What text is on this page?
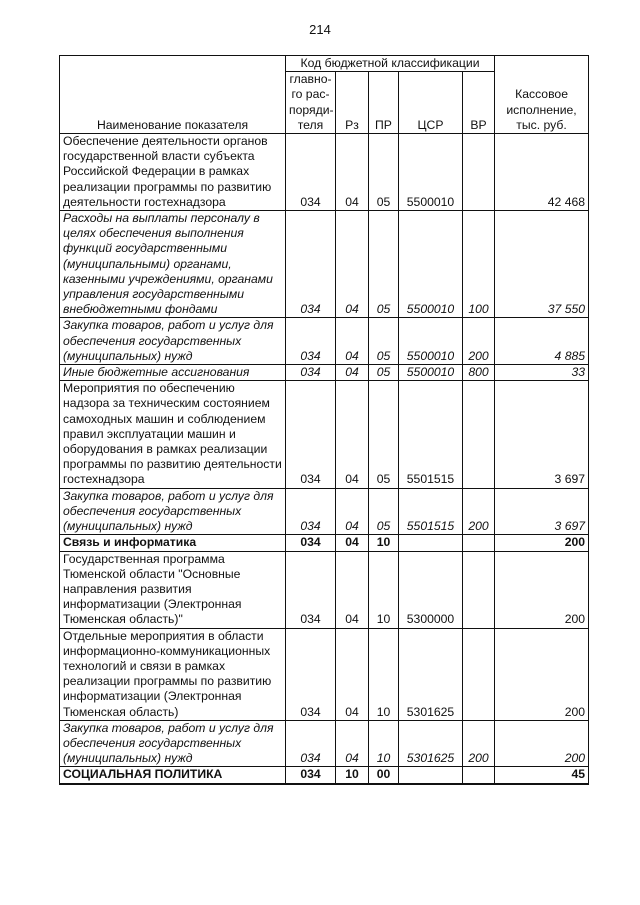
214
Наименование показателя	Код бюджетной классификации					Кассовое исполнение, тыс. руб.
	главно-го рас-поряди-теля	Рз	ПР	ЦСР	ВР	
Обеспечение деятельности органов государственной власти субъекта Российской Федерации в рамках реализации программы по развитию деятельности гостехнадзора	034	04	05	5500010		42 468
Расходы на выплаты персоналу в целях обеспечения выполнения функций государственными (муниципальными) органами, казенными учреждениями, органами управления государственными внебюджетными фондами	034	04	05	5500010	100	37 550
Закупка товаров, работ и услуг для обеспечения государственных (муниципальных) нужд	034	04	05	5500010	200	4 885
Иные бюджетные ассигнования	034	04	05	5500010	800	33
Мероприятия по обеспечению надзора за техническим состоянием самоходных машин и соблюдением правил эксплуатации машин и оборудования в рамках реализации программы по развитию деятельности гостехнадзора	034	04	05	5501515		3 697
Закупка товаров, работ и услуг для обеспечения государственных (муниципальных) нужд	034	04	05	5501515	200	3 697
Связь и информатика	034	04	10			200
Государственная программа Тюменской области "Основные направления развития информатизации (Электронная Тюменская область)"	034	04	10	5300000		200
Отдельные мероприятия в области информационно-коммуникационных технологий и связи в рамках реализации программы по развитию информатизации (Электронная Тюменская область)	034	04	10	5301625		200
Закупка товаров, работ и услуг для обеспечения государственных (муниципальных) нужд	034	04	10	5301625	200	200
СОЦИАЛЬНАЯ ПОЛИТИКА	034	10	00			45
